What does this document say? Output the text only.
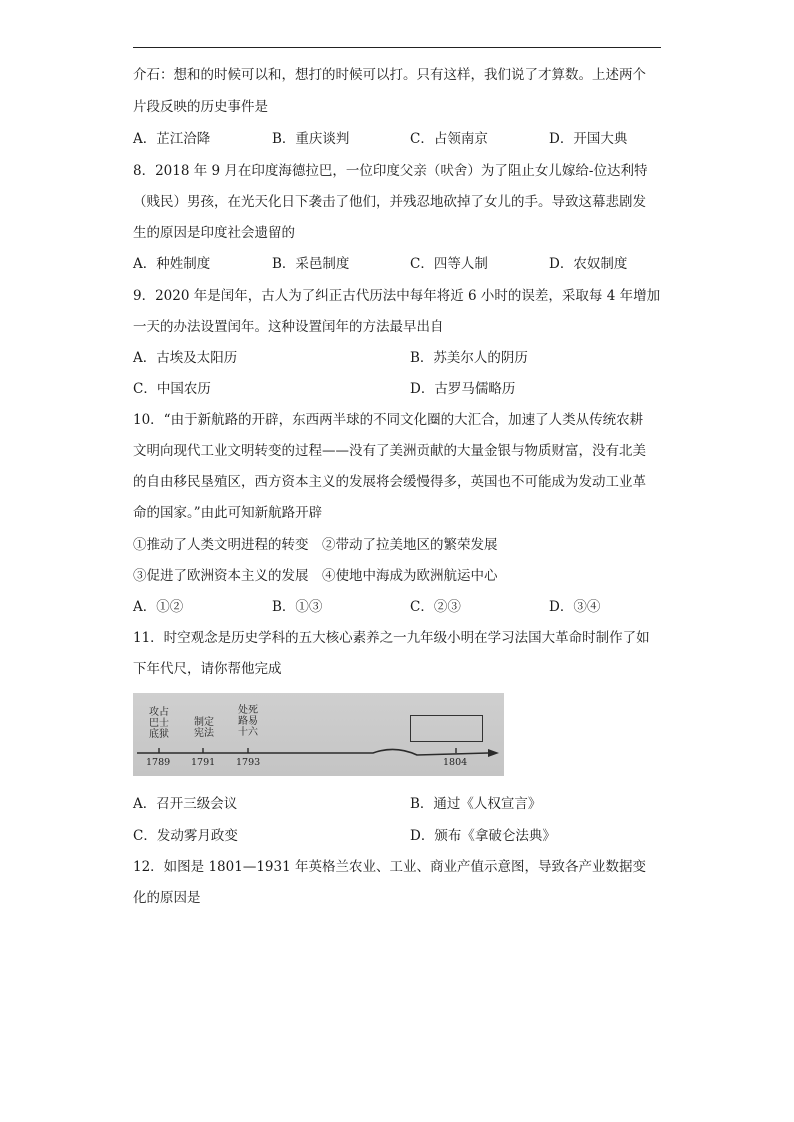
介石：想和的时候可以和，想打的时候可以打。只有这样，我们说了才算数。上述两个
片段反映的历史事件是
A．芷江洽降	B．重庆谈判	C．占领南京	D．开国大典
8．2018 年 9 月在印度海德拉巴，一位印度父亲（吠舍）为了阻止女儿嫁给-位达利特
（贱民）男孩，在光天化日下袭击了他们，并残忍地砍掉了女儿的手。导致这幕悲剧发
生的原因是印度社会遗留的
A．种姓制度	B．采邑制度	C．四等人制	D．农奴制度
9．2020 年是闰年，古人为了纠正古代历法中每年将近 6 小时的误差，采取每 4 年增加
一天的办法设置闰年。这种设置闰年的方法最早出自
A．古埃及太阳历	B．苏美尔人的阴历
C．中国农历	D．古罗马儒略历
10．“由于新航路的开辟，东西两半球的不同文化圈的大汇合，加速了人类从传统农耕
文明向现代工业文明转变的过程——没有了美洲贡献的大量金银与物质财富，没有北美
的自由移民垦殖区，西方资本主义的发展将会缓慢得多，英国也不可能成为发动工业革
命的国家。”由此可知新航路开辟
①推动了人类文明进程的转变　②带动了拉美地区的繁荣发展
③促进了欧洲资本主义的发展　④使地中海成为欧洲航运中心
A．①②	B．①③	C．②③	D．③④
11．时空观念是历史学科的五大核心素养之一九年级小明在学习法国大革命时制作了如
下年代尺，请你帮他完成
攻占巴士底狱
制定宪法
处死路易十六
1789 1791 1793	1804
A．召开三级会议	B．通过《人权宣言》
C．发动雾月政变	D．颁布《拿破仑法典》
12．如图是 1801—1931 年英格兰农业、工业、商业产值示意图，导致各产业数据变
化的原因是
